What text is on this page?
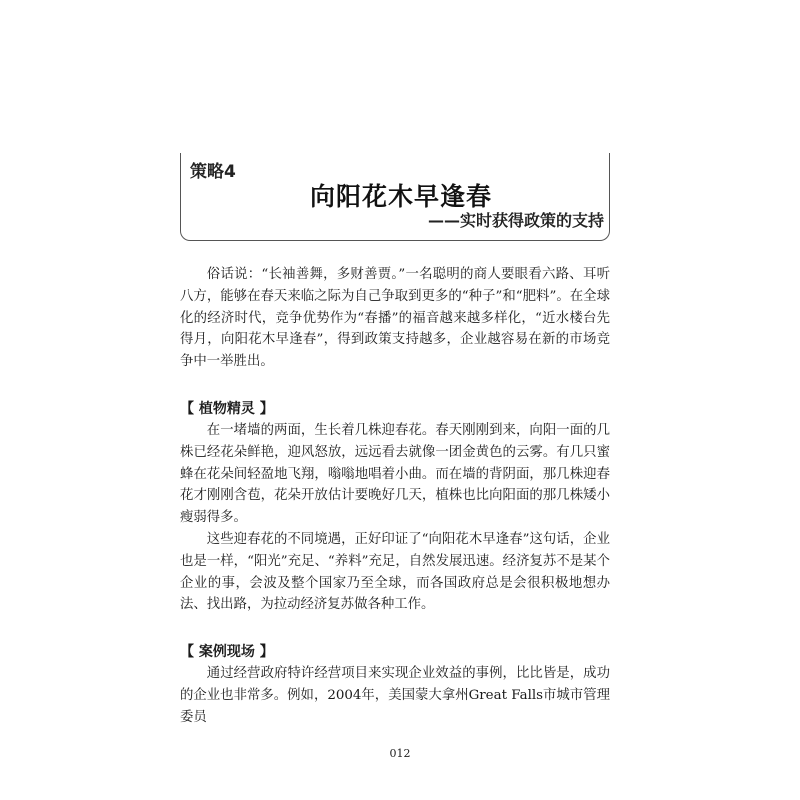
策略4
向阳花木早逢春
——实时获得政策的支持

俗话说：“长袖善舞，多财善贾。”一名聪明的商人要眼看六路、耳听八方，能够在春天来临之际为自己争取到更多的“种子”和“肥料”。在全球化的经济时代，竞争优势作为“春播”的福音越来越多样化，“近水楼台先得月，向阳花木早逢春”，得到政策支持越多，企业越容易在新的市场竞争中一举胜出。

【 植物精灵 】

在一堵墙的两面，生长着几株迎春花。春天刚刚到来，向阳一面的几株已经花朵鲜艳，迎风怒放，远远看去就像一团金黄色的云雾。有几只蜜蜂在花朵间轻盈地飞翔，嗡嗡地唱着小曲。而在墙的背阴面，那几株迎春花才刚刚含苞，花朵开放估计要晚好几天，植株也比向阳面的那几株矮小瘦弱得多。

这些迎春花的不同境遇，正好印证了“向阳花木早逢春”这句话，企业也是一样，“阳光”充足、“养料”充足，自然发展迅速。经济复苏不是某个企业的事，会波及整个国家乃至全球，而各国政府总是会很积极地想办法、找出路，为拉动经济复苏做各种工作。

【 案例现场 】

通过经营政府特许经营项目来实现企业效益的事例，比比皆是，成功的企业也非常多。例如，2004年，美国蒙大拿州Great Falls市城市管理委员

012
